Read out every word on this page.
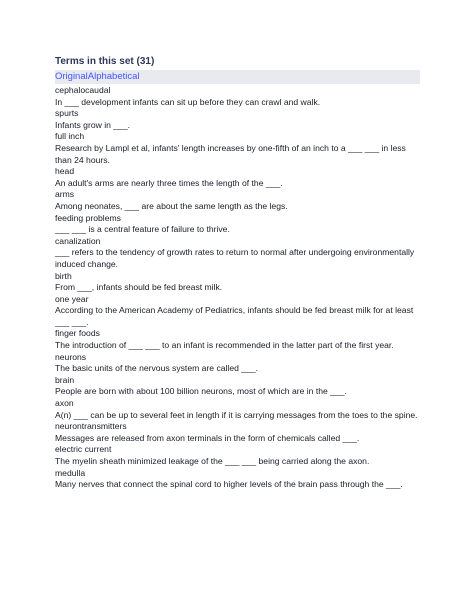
Terms in this set (31)
OriginalAlphabetical
cephalocaudal
In ___ development infants can sit up before they can crawl and walk.
spurts
Infants grow in ___.
full inch
Research by Lampl et al, infants' length increases by one-fifth of an inch to a ___ ___ in less than 24 hours.
head
An adult's arms are nearly three times the length of the ___.
arms
Among neonates, ___ are about the same length as the legs.
feeding problems
___ ___ is a central feature of failure to thrive.
canalization
___ refers to the tendency of growth rates to return to normal after undergoing environmentally induced change.
birth
From ___, infants should be fed breast milk.
one year
According to the American Academy of Pediatrics, infants should be fed breast milk for at least ___ ___.
finger foods
The introduction of ___ ___ to an infant is recommended in the latter part of the first year.
neurons
The basic units of the nervous system are called ___.
brain
People are born with about 100 billion neurons, most of which are in the ___.
axon
A(n) ___ can be up to several feet in length if it is carrying messages from the toes to the spine.
neurontransmitters
Messages are released from axon terminals in the form of chemicals called ___.
electric current
The myelin sheath minimized leakage of the ___ ___ being carried along the axon.
medulla
Many nerves that connect the spinal cord to higher levels of the brain pass through the ___.
